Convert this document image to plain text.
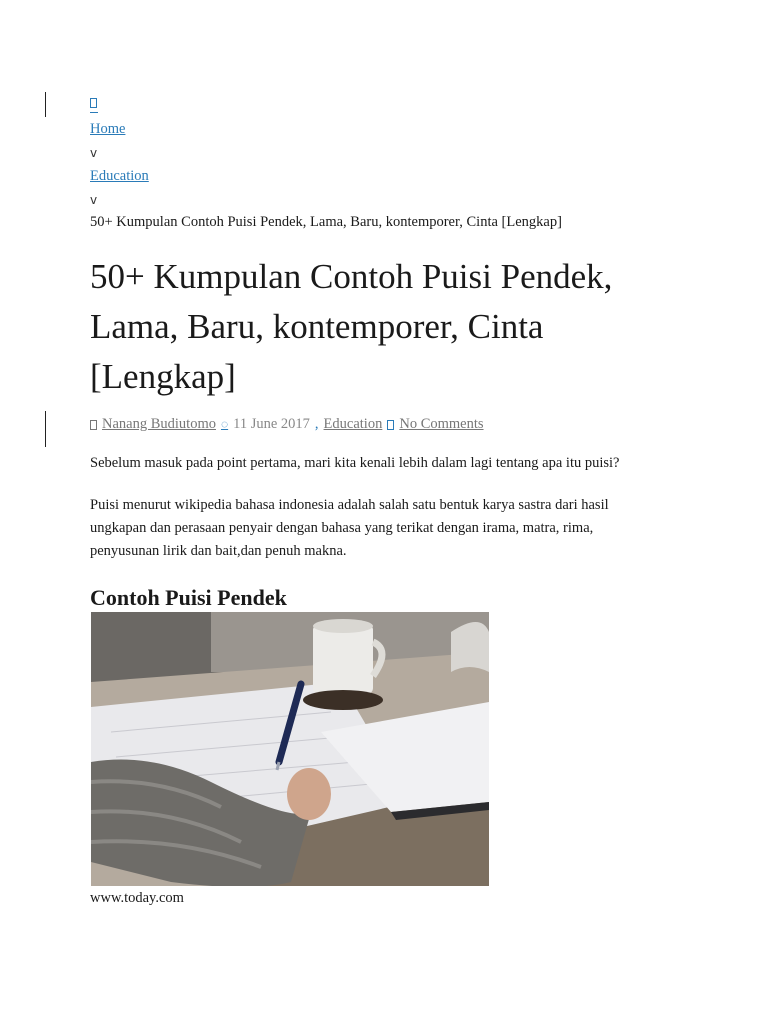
Home
v
Education
v
50+ Kumpulan Contoh Puisi Pendek, Lama, Baru, kontemporer, Cinta [Lengkap]
50+ Kumpulan Contoh Puisi Pendek, Lama, Baru, kontemporer, Cinta [Lengkap]
Nanang Budiutomo ◌ 11 June 2017 , Education No Comments

Sebelum masuk pada point pertama, mari kita kenali lebih dalam lagi tentang apa itu puisi?

Puisi menurut wikipedia bahasa indonesia adalah salah satu bentuk karya sastra dari hasil ungkapan dan perasaan penyair dengan bahasa yang terikat dengan irama, matra, rima, penyusunan lirik dan bait,dan penuh makna.

Contoh Puisi Pendek
www.today.com
